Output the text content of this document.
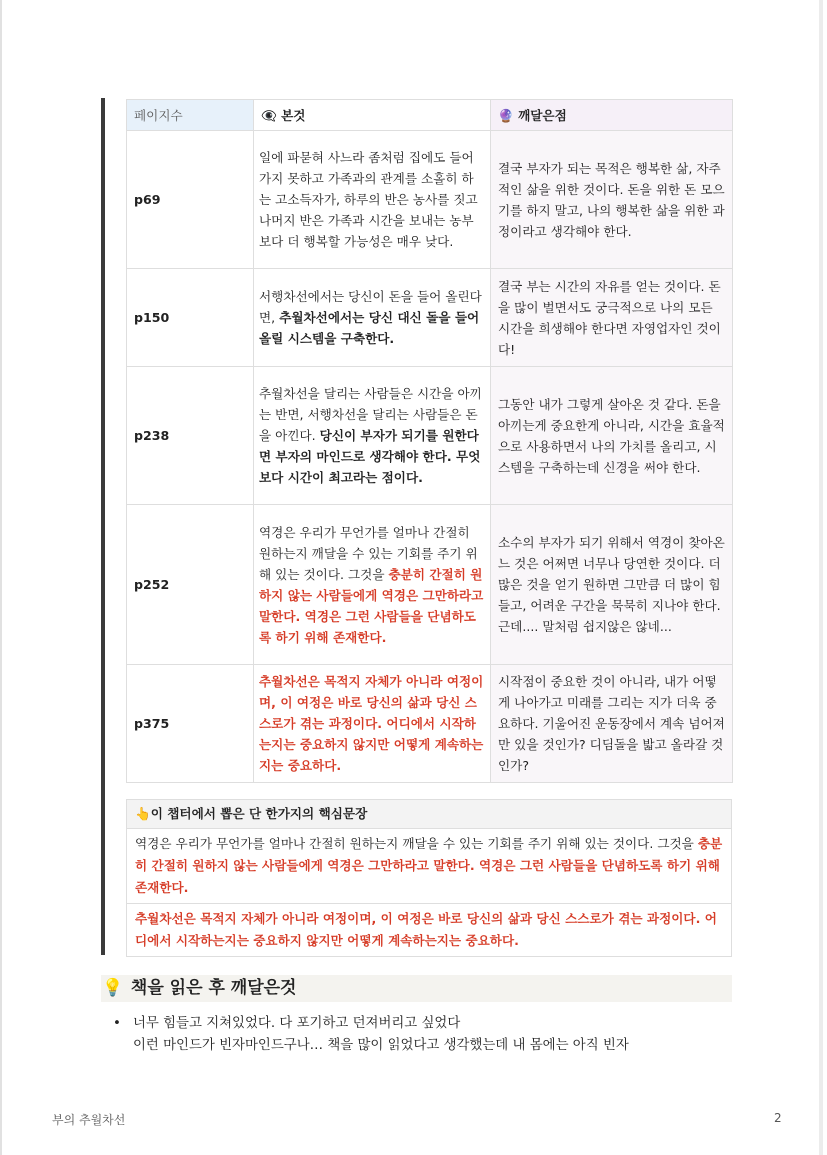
페이지수	👁‍🗨 본것	🔮 깨달은점
p69	일에 파묻혀 사느라 좀처럼 집에도 들어가지 못하고 가족과의 관계를 소홀히 하는 고소득자가, 하루의 반은 농사를 짓고 나머지 반은 가족과 시간을 보내는 농부보다 더 행복할 가능성은 매우 낮다.	결국 부자가 되는 목적은 행복한 삶, 자주적인 삶을 위한 것이다. 돈을 위한 돈 모으기를 하지 말고, 나의 행복한 삶을 위한 과정이라고 생각해야 한다.
p150	서행차선에서는 당신이 돈을 들어 올린다면, 추월차선에서는 당신 대신 돌을 들어 올릴 시스템을 구축한다.	결국 부는 시간의 자유를 얻는 것이다. 돈을 많이 벌면서도 궁극적으로 나의 모든 시간을 희생해야 한다면 자영업자인 것이다!
p238	추월차선을 달리는 사람들은 시간을 아끼는 반면, 서행차선을 달리는 사람들은 돈을 아낀다. 당신이 부자가 되기를 원한다면 부자의 마인드로 생각해야 한다. 무엇보다 시간이 최고라는 점이다.	그동안 내가 그렇게 살아온 것 같다. 돈을 아끼는게 중요한게 아니라, 시간을 효율적으로 사용하면서 나의 가치를 올리고, 시스템을 구축하는데 신경을 써야 한다.
p252	역경은 우리가 무언가를 얼마나 간절히 원하는지 깨달을 수 있는 기회를 주기 위해 있는 것이다. 그것을 충분히 간절히 원하지 않는 사람들에게 역경은 그만하라고 말한다. 역경은 그런 사람들을 단념하도록 하기 위해 존재한다.	소수의 부자가 되기 위해서 역경이 찾아온느 것은 어쩌면 너무나 당연한 것이다. 더 많은 것을 얻기 원하면 그만큼 더 많이 힘들고, 어려운 구간을 묵묵히 지나야 한다. 근데.... 말처럼 쉽지않은 않네...
p375	추월차선은 목적지 자체가 아니라 여정이며, 이 여정은 바로 당신의 삶과 당신 스스로가 겪는 과정이다. 어디에서 시작하는지는 중요하지 않지만 어떻게 계속하는지는 중요하다.	시작점이 중요한 것이 아니라, 내가 어떻게 나아가고 미래를 그리는 지가 더욱 중요하다. 기울어진 운동장에서 계속 넘어져만 있을 것인가? 디딤돌을 밟고 올라갈 것인가?
👆이 챕터에서 뽑은 단 한가지의 핵심문장
역경은 우리가 무언가를 얼마나 간절히 원하는지 깨달을 수 있는 기회를 주기 위해 있는 것이다. 그것을 충분히 간절히 원하지 않는 사람들에게 역경은 그만하라고 말한다. 역경은 그런 사람들을 단념하도록 하기 위해 존재한다.
추월차선은 목적지 자체가 아니라 여정이며, 이 여정은 바로 당신의 삶과 당신 스스로가 겪는 과정이다. 어디에서 시작하는지는 중요하지 않지만 어떻게 계속하는지는 중요하다.
💡 책을 읽은 후 깨달은것
• 너무 힘들고 지쳐있었다. 다 포기하고 던져버리고 싶었다
이런 마인드가 빈자마인드구나… 책을 많이 읽었다고 생각했는데 내 몸에는 아직 빈자
부의 추월차선	2
